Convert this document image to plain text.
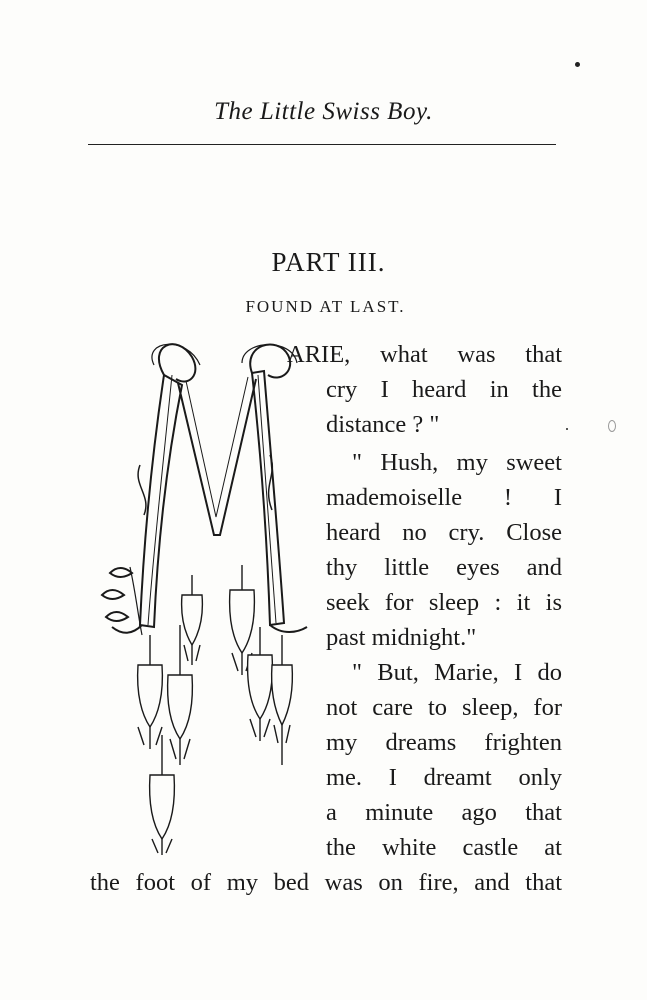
The Little Swiss Boy.
PART III.
FOUND AT LAST.
ARIE, what was that
cry I heard in the
distance ? "
" Hush, my sweet
mademoiselle ! I
heard no cry. Close
thy little eyes and
seek for sleep : it is
past midnight."
" But, Marie, I do
not care to sleep, for
my dreams frighten
me. I dreamt only
a minute ago that
the white castle at
the foot of my bed was on fire, and that
